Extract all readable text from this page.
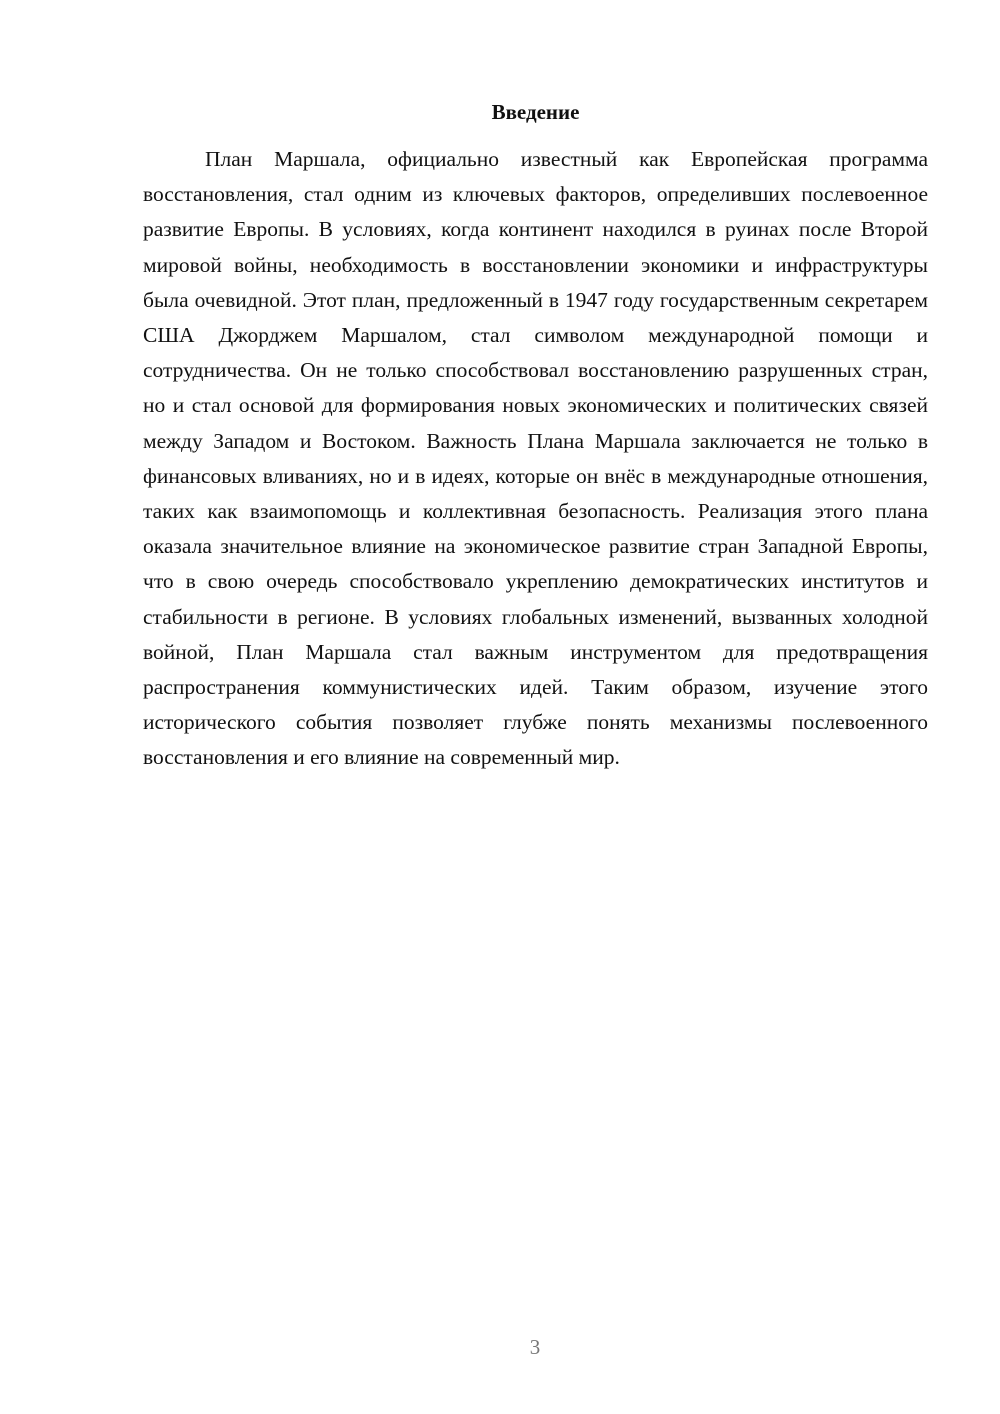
Введение

План Маршала, официально известный как Европейская программа восстановления, стал одним из ключевых факторов, определивших послевоенное развитие Европы. В условиях, когда континент находился в руинах после Второй мировой войны, необходимость в восстановлении экономики и инфраструктуры была очевидной. Этот план, предложенный в 1947 году государственным секретарем США Джорджем Маршалом, стал символом международной помощи и сотрудничества. Он не только способствовал восстановлению разрушенных стран, но и стал основой для формирования новых экономических и политических связей между Западом и Востоком. Важность Плана Маршала заключается не только в финансовых вливаниях, но и в идеях, которые он внёс в международные отношения, таких как взаимопомощь и коллективная безопасность. Реализация этого плана оказала значительное влияние на экономическое развитие стран Западной Европы, что в свою очередь способствовало укреплению демократических институтов и стабильности в регионе. В условиях глобальных изменений, вызванных холодной войной, План Маршала стал важным инструментом для предотвращения распространения коммунистических идей. Таким образом, изучение этого исторического события позволяет глубже понять механизмы послевоенного восстановления и его влияние на современный мир.

3
